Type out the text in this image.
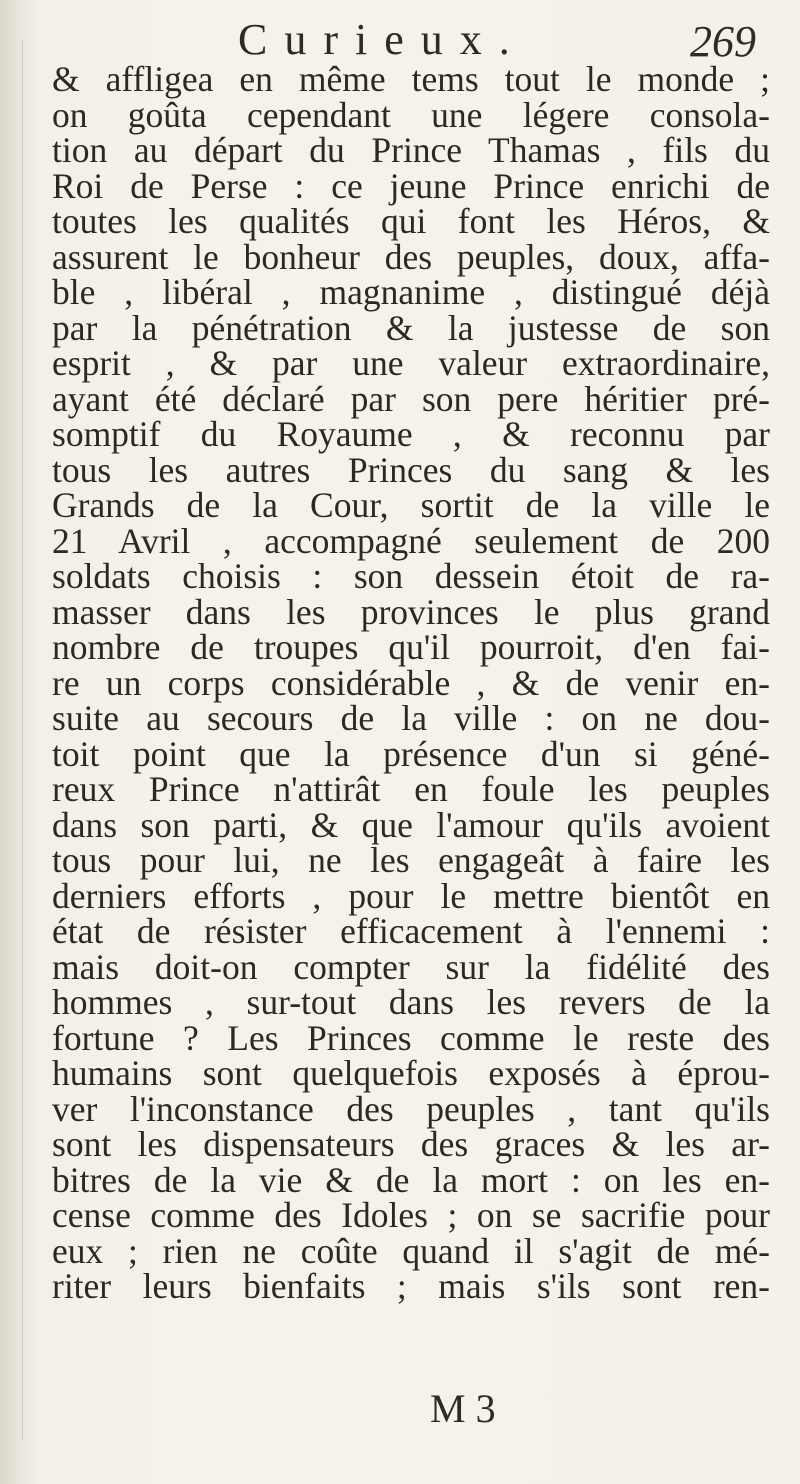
Curieux.	269
& affligea en même tems tout le monde ;
on goûta cependant une légere consola-
tion au départ du Prince Thamas , fils du
Roi de Perse : ce jeune Prince enrichi de
toutes les qualités qui font les Héros, &
assurent le bonheur des peuples, doux, affa-
ble , libéral , magnanime , distingué déjà
par la pénétration & la justesse de son
esprit , & par une valeur extraordinaire,
ayant été déclaré par son pere héritier pré-
somptif du Royaume , & reconnu par
tous les autres Princes du sang & les
Grands de la Cour, sortit de la ville le
21 Avril , accompagné seulement de 200
soldats choisis : son dessein étoit de ra-
masser dans les provinces le plus grand
nombre de troupes qu'il pourroit, d'en fai-
re un corps considérable , & de venir en-
suite au secours de la ville : on ne dou-
toit point que la présence d'un si géné-
reux Prince n'attirât en foule les peuples
dans son parti, & que l'amour qu'ils avoient
tous pour lui, ne les engageât à faire les
derniers efforts , pour le mettre bientôt en
état de résister efficacement à l'ennemi :
mais doit-on compter sur la fidélité des
hommes , sur-tout dans les revers de la
fortune ? Les Princes comme le reste des
humains sont quelquefois exposés à éprou-
ver l'inconstance des peuples , tant qu'ils
sont les dispensateurs des graces & les ar-
bitres de la vie & de la mort : on les en-
cense comme des Idoles ; on se sacrifie pour
eux ; rien ne coûte quand il s'agit de mé-
riter leurs bienfaits ; mais s'ils sont ren-
M 3
